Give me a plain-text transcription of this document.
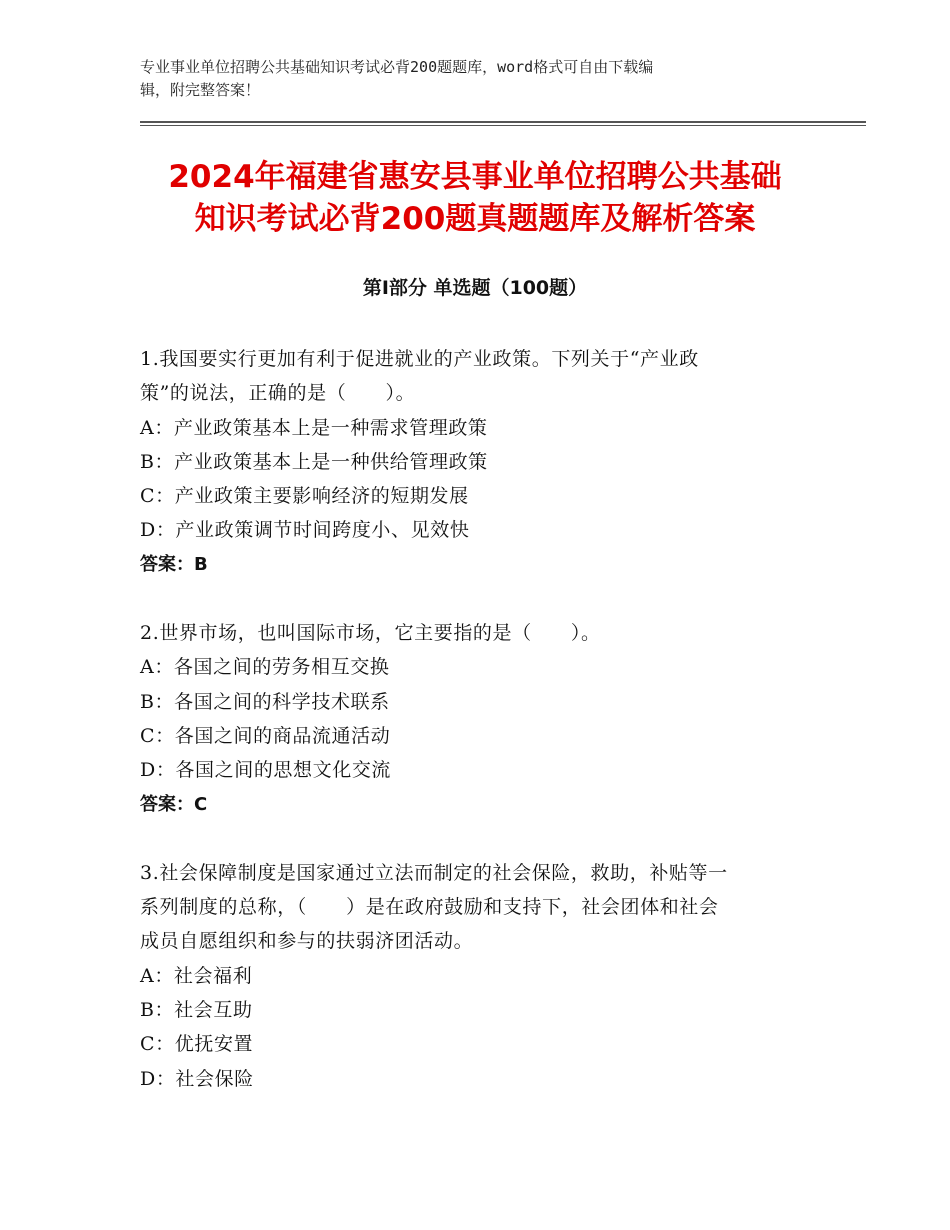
专业事业单位招聘公共基础知识考试必背200题题库，word格式可自由下载编
辑，附完整答案！
2024年福建省惠安县事业单位招聘公共基础
知识考试必背200题真题题库及解析答案
第Ⅰ部分 单选题（100题）
1.我国要实行更加有利于促进就业的产业政策。下列关于“产业政
策”的说法，正确的是（　　）。
A：产业政策基本上是一种需求管理政策
B：产业政策基本上是一种供给管理政策
C：产业政策主要影响经济的短期发展
D：产业政策调节时间跨度小、见效快
答案：B
2.世界市场，也叫国际市场，它主要指的是（　　）。
A：各国之间的劳务相互交换
B：各国之间的科学技术联系
C：各国之间的商品流通活动
D：各国之间的思想文化交流
答案：C
3.社会保障制度是国家通过立法而制定的社会保险，救助，补贴等一
系列制度的总称，（　　）是在政府鼓励和支持下，社会团体和社会
成员自愿组织和参与的扶弱济团活动。
A：社会福利
B：社会互助
C：优抚安置
D：社会保险
